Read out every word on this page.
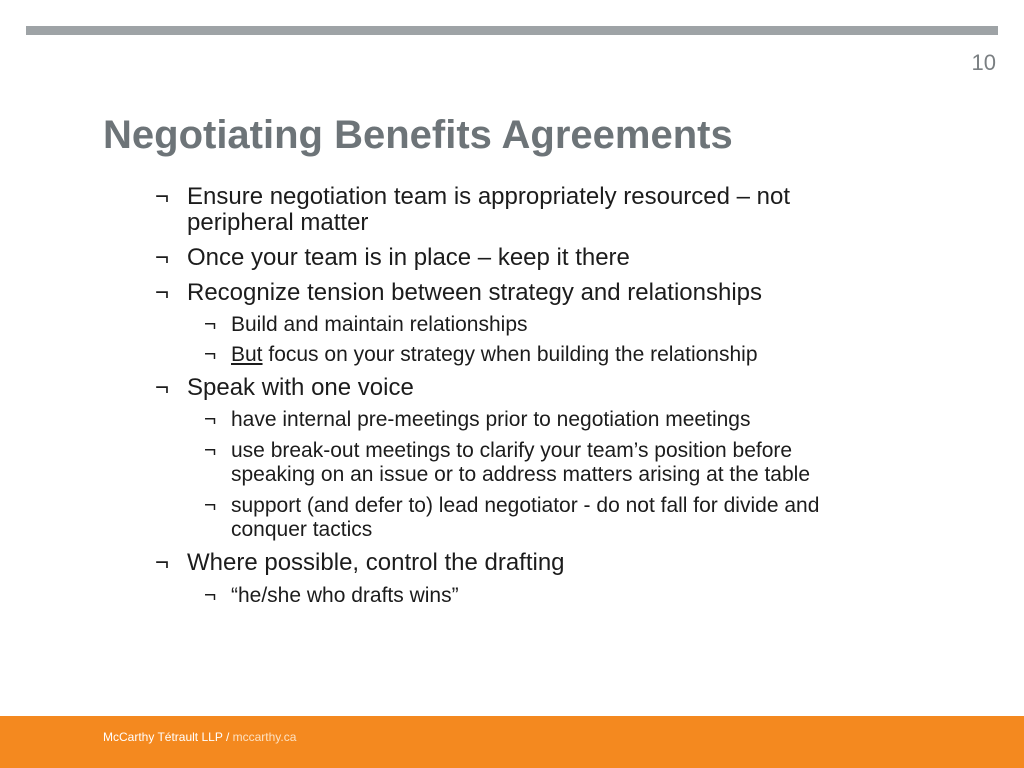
10
Negotiating Benefits Agreements
¬ Ensure negotiation team is appropriately resourced – not
peripheral matter
¬ Once your team is in place – keep it there
¬ Recognize tension between strategy and relationships
¬ Build and maintain relationships
¬ But focus on your strategy when building the relationship
¬ Speak with one voice
¬ have internal pre-meetings prior to negotiation meetings
¬ use break-out meetings to clarify your team’s position before
speaking on an issue or to address matters arising at the table
¬ support (and defer to) lead negotiator - do not fall for divide and
conquer tactics
¬ Where possible, control the drafting
¬ “he/she who drafts wins”
McCarthy Tétrault LLP / mccarthy.ca
